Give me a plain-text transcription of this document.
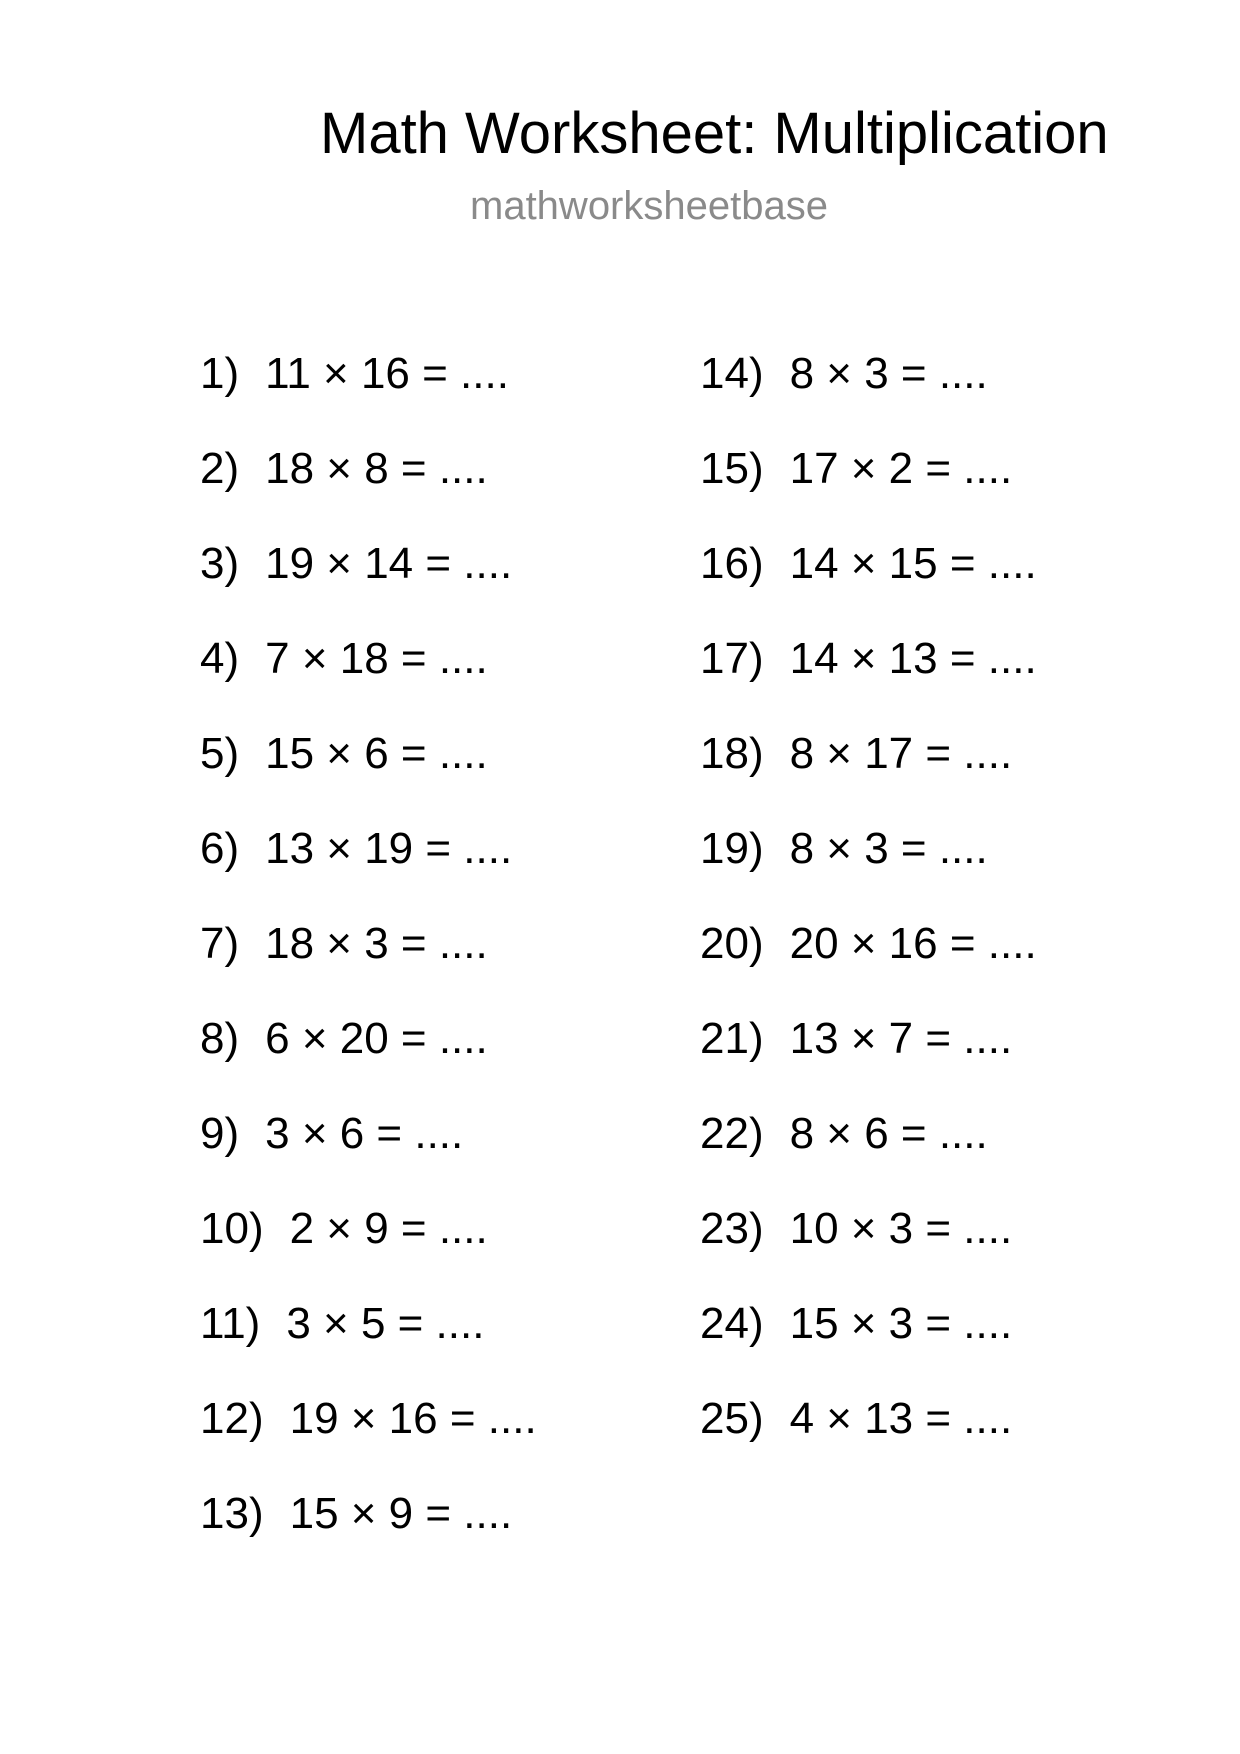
Math Worksheet: Multiplication
mathworksheetbase
1) 11 × 16 = ....
2) 18 × 8 = ....
3) 19 × 14 = ....
4) 7 × 18 = ....
5) 15 × 6 = ....
6) 13 × 19 = ....
7) 18 × 3 = ....
8) 6 × 20 = ....
9) 3 × 6 = ....
10) 2 × 9 = ....
11) 3 × 5 = ....
12) 19 × 16 = ....
13) 15 × 9 = ....
14) 8 × 3 = ....
15) 17 × 2 = ....
16) 14 × 15 = ....
17) 14 × 13 = ....
18) 8 × 17 = ....
19) 8 × 3 = ....
20) 20 × 16 = ....
21) 13 × 7 = ....
22) 8 × 6 = ....
23) 10 × 3 = ....
24) 15 × 3 = ....
25) 4 × 13 = ....
